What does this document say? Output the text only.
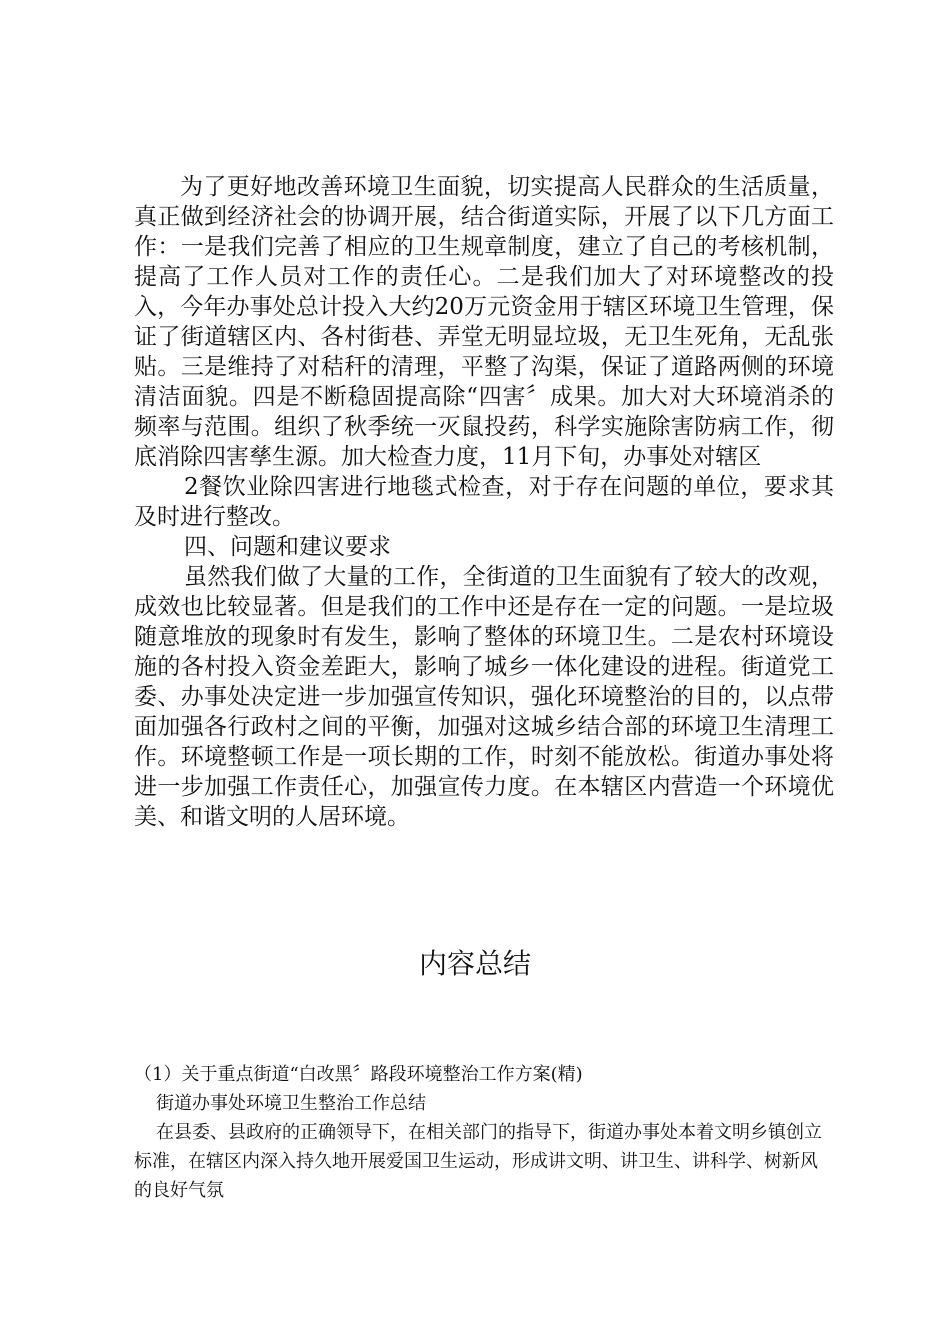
为了更好地改善环境卫生面貌，切实提高人民群众的生活质量，真正做到经济社会的协调开展，结合街道实际，开展了以下几方面工作：一是我们完善了相应的卫生规章制度，建立了自己的考核机制，提高了工作人员对工作的责任心。二是我们加大了对环境整改的投入，今年办事处总计投入大约20万元资金用于辖区环境卫生管理，保证了街道辖区内、各村街巷、弄堂无明显垃圾，无卫生死角，无乱张贴。三是维持了对秸秆的清理，平整了沟渠，保证了道路两侧的环境清洁面貌。四是不断稳固提高除“四害〞成果。加大对大环境消杀的频率与范围。组织了秋季统一灭鼠投药，科学实施除害防病工作，彻底消除四害孳生源。加大检查力度，11月下旬，办事处对辖区

2餐饮业除四害进行地毯式检查，对于存在问题的单位，要求其及时进行整改。

四、问题和建议要求

虽然我们做了大量的工作，全街道的卫生面貌有了较大的改观，成效也比较显著。但是我们的工作中还是存在一定的问题。一是垃圾随意堆放的现象时有发生，影响了整体的环境卫生。二是农村环境设施的各村投入资金差距大，影响了城乡一体化建设的进程。街道党工委、办事处决定进一步加强宣传知识，强化环境整治的目的，以点带面加强各行政村之间的平衡，加强对这城乡结合部的环境卫生清理工作。环境整顿工作是一项长期的工作，时刻不能放松。街道办事处将进一步加强工作责任心，加强宣传力度。在本辖区内营造一个环境优美、和谐文明的人居环境。

内容总结

（1）关于重点街道“白改黑〞路段环境整治工作方案(精)

街道办事处环境卫生整治工作总结

在县委、县政府的正确领导下，在相关部门的指导下，街道办事处本着文明乡镇创立标准，在辖区内深入持久地开展爱国卫生运动，形成讲文明、讲卫生、讲科学、树新风的良好气氛
